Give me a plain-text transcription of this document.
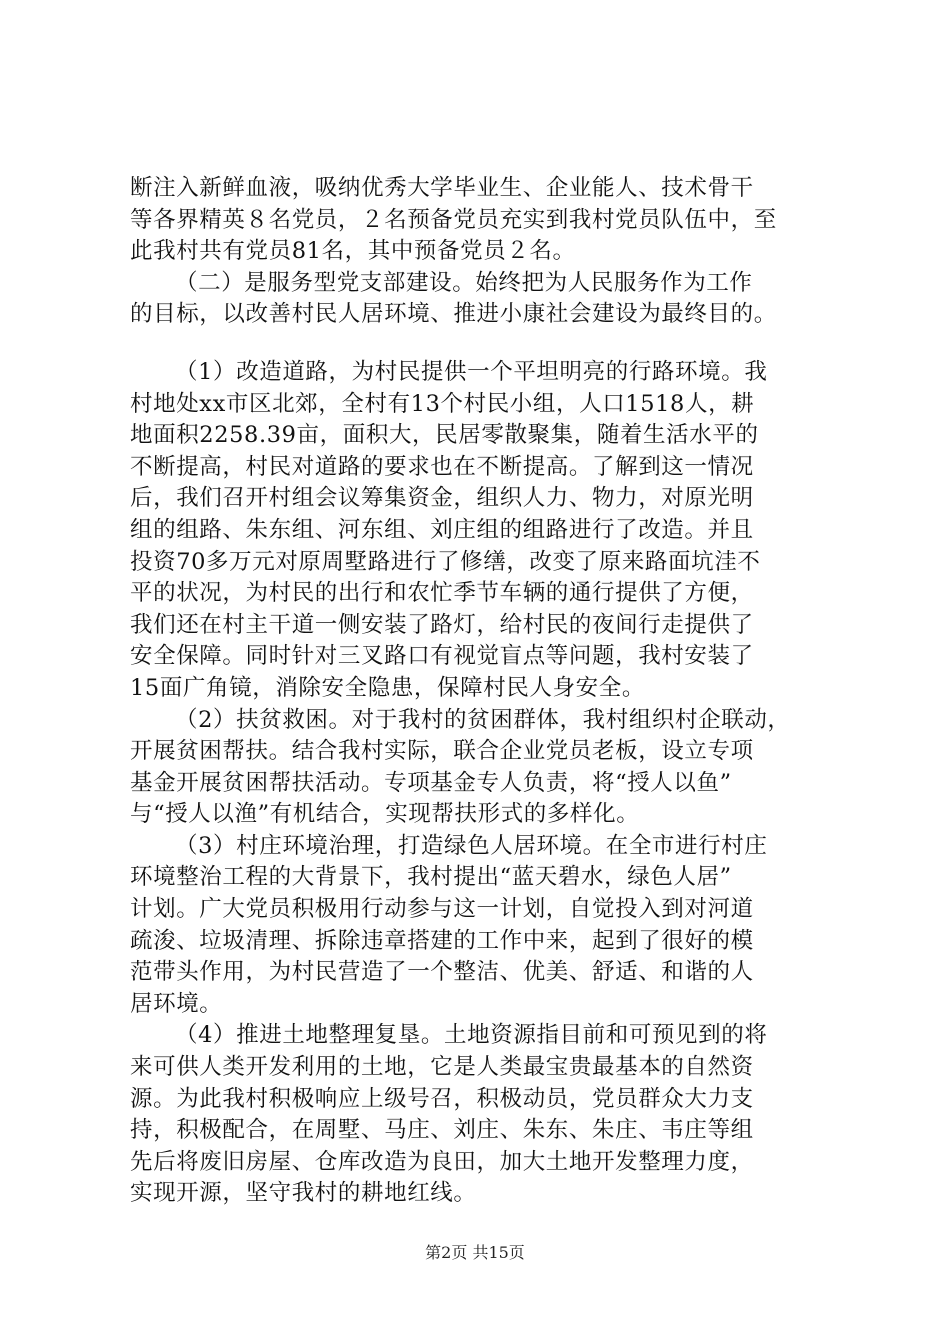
断注入新鲜血液，吸纳优秀大学毕业生、企业能人、技术骨干
等各界精英８名党员，２名预备党员充实到我村党员队伍中，至
此我村共有党员81名，其中预备党员２名。
（二）是服务型党支部建设。始终把为人民服务作为工作
的目标，以改善村民人居环境、推进小康社会建设为最终目的。
（1）改造道路，为村民提供一个平坦明亮的行路环境。我
村地处xx市区北郊，全村有13个村民小组，人口1518人，耕
地面积2258.39亩，面积大，民居零散聚集，随着生活水平的
不断提高，村民对道路的要求也在不断提高。了解到这一情况
后，我们召开村组会议筹集资金，组织人力、物力，对原光明
组的组路、朱东组、河东组、刘庄组的组路进行了改造。并且
投资70多万元对原周墅路进行了修缮，改变了原来路面坑洼不
平的状况，为村民的出行和农忙季节车辆的通行提供了方便，
我们还在村主干道一侧安装了路灯，给村民的夜间行走提供了
安全保障。同时针对三叉路口有视觉盲点等问题，我村安装了
15面广角镜，消除安全隐患，保障村民人身安全。
（2）扶贫救困。对于我村的贫困群体，我村组织村企联动，
开展贫困帮扶。结合我村实际，联合企业党员老板，设立专项
基金开展贫困帮扶活动。专项基金专人负责，将“授人以鱼”
与“授人以渔”有机结合，实现帮扶形式的多样化。
（3）村庄环境治理，打造绿色人居环境。在全市进行村庄
环境整治工程的大背景下，我村提出“蓝天碧水，绿色人居”
计划。广大党员积极用行动参与这一计划，自觉投入到对河道
疏浚、垃圾清理、拆除违章搭建的工作中来，起到了很好的模
范带头作用，为村民营造了一个整洁、优美、舒适、和谐的人
居环境。
（4）推进土地整理复垦。土地资源指目前和可预见到的将
来可供人类开发利用的土地，它是人类最宝贵最基本的自然资
源。为此我村积极响应上级号召，积极动员，党员群众大力支
持，积极配合，在周墅、马庄、刘庄、朱东、朱庄、韦庄等组
先后将废旧房屋、仓库改造为良田，加大土地开发整理力度，
实现开源，坚守我村的耕地红线。
第2页 共15页
